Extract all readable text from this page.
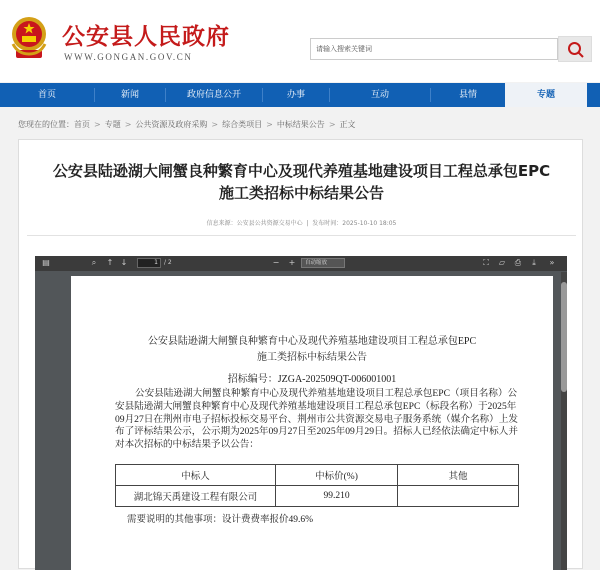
公安县人民政府
WWW.GONGAN.GOV.CN
请输入搜索关键词
首页	新闻	政府信息公开	办事	互动	县情	专题
您现在的位置：首页 > 专题 > 公共资源及政府采购 > 综合类项目 > 中标结果公告 > 正文
公安县陆逊湖大闸蟹良种繁育中心及现代养殖基地建设项目工程总承包EPC
施工类招标中标结果公告
信息来源：公安县公共资源交易中心  |  发布时间：2025-10-10 18:05
▤	⌕	↑ ↓	1	/ 2	− +	自动缩放	⛶ ▱ ⎙	⤓	»
公安县陆逊湖大闸蟹良种繁育中心及现代养殖基地建设项目工程总承包EPC
施工类招标中标结果公告
招标编号：JZGA-202509QT-006001001
公安县陆逊湖大闸蟹良种繁育中心及现代养殖基地建设项目工程总承包EPC（项目名称）公安县陆逊湖大闸蟹良种繁育中心及现代养殖基地建设项目工程总承包EPC（标段名称）于2025年09月27日在荆州市电子招标投标交易平台、荆州市公共资源交易电子服务系统（媒介名称）上发布了评标结果公示，公示期为2025年09月27日至2025年09月29日。招标人已经依法确定中标人并对本次招标的中标结果予以公告：
中标人	中标价(%)	其他
湖北锦天禹建设工程有限公司	99.210	
需要说明的其他事项：设计费费率报价49.6%
